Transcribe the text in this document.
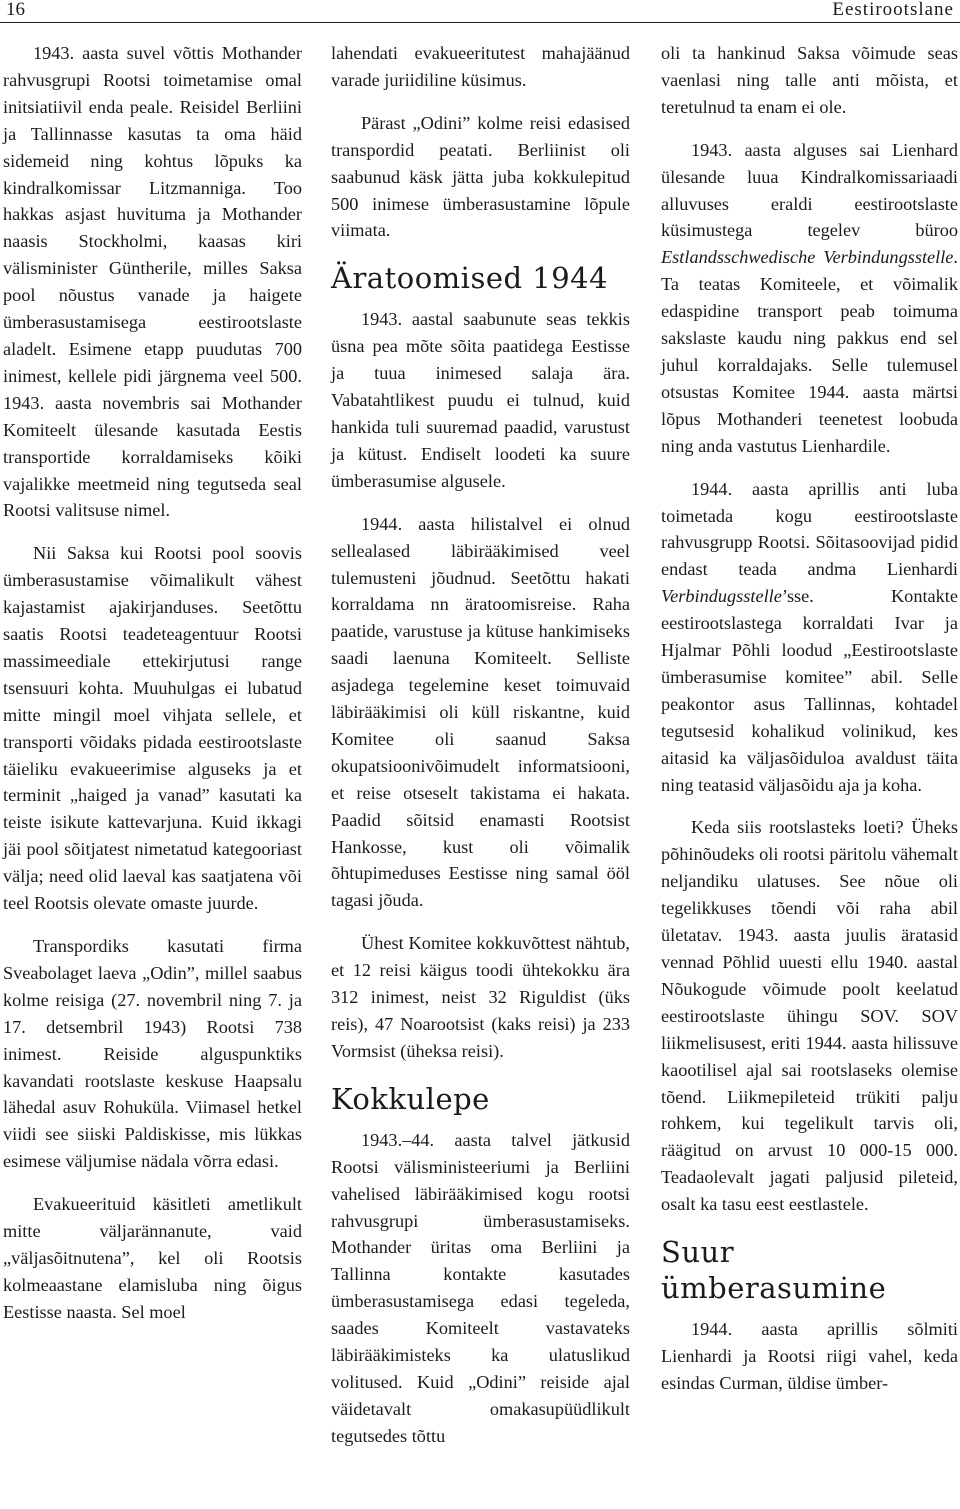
16	Eestirootslane

1943. aasta suvel võttis Mothander rahvusgrupi Rootsi toimetamise omal initsiatiivil enda peale. Reisidel Berliini ja Tallinnasse kasutas ta oma häid sidemeid ning kohtus lõpuks ka kindralkomissar Litzmanniga. Too hakkas asjast huvituma ja Mothander naasis Stockholmi, kaasas kiri välisminister Güntherile, milles Saksa pool nõustus vanade ja haigete ümberasustamisega eestirootslaste aladelt. Esimene etapp puudutas 700 inimest, kellele pidi järgnema veel 500. 1943. aasta novembris sai Mothander Komiteelt ülesande kasutada Eestis transportide korraldamiseks kõiki vajalikke meetmeid ning tegutseda seal Rootsi valitsuse nimel.

Nii Saksa kui Rootsi pool soovis ümberasustamise võimalikult vähest kajastamist ajakirjanduses. Seetõttu saatis Rootsi teadeteagentuur Rootsi massimeediale ettekirjutusi range tsensuuri kohta. Muuhulgas ei lubatud mitte mingil moel vihjata sellele, et transporti võidaks pidada eestirootslaste täieliku evakueerimise alguseks ja et terminit „haiged ja vanad” kasutati ka teiste isikute kattevarjuna. Kuid ikkagi jäi pool sõitjatest nimetatud kategooriast välja; need olid laeval kas saatjatena või teel Rootsis olevate omaste juurde.

Transpordiks kasutati firma Sveabolaget laeva „Odin”, millel saabus kolme reisiga (27. novembril ning 7. ja 17. detsembril 1943) Rootsi 738 inimest. Reiside alguspunktiks kavandati rootslaste keskuse Haapsalu lähedal asuv Rohuküla. Viimasel hetkel viidi see siiski Paldiskisse, mis lükkas esimese väljumise nädala võrra edasi.

Evakueerituid käsitleti ametlikult mitte väljarännanute, vaid „väljasõitnutena”, kel oli Rootsis kolmeaastane elamisluba ning õigus Eestisse naasta. Sel moel

lahendati evakueeritutest mahajäänud varade juriidiline küsimus.

Pärast „Odini” kolme reisi edasised transpordid peatati. Berliinist oli saabunud käsk jätta juba kokkulepitud 500 inimese ümberasustamine lõpule viimata.

Äratoomised 1944

1943. aastal saabunute seas tekkis üsna pea mõte sõita paatidega Eestisse ja tuua inimesed salaja ära. Vabatahtlikest puudu ei tulnud, kuid hankida tuli suuremad paadid, varustust ja kütust. Endiselt loodeti ka suure ümberasumise algusele.

1944. aasta hilistalvel ei olnud sellealased läbirääkimised veel tulemusteni jõudnud. Seetõttu hakati korraldama nn äratoomisreise. Raha paatide, varustuse ja kütuse hankimiseks saadi laenuna Komiteelt. Selliste asjadega tegelemine keset toimuvaid läbirääkimisi oli küll riskantne, kuid Komitee oli saanud Saksa okupatsioonivõimudelt informatsiooni, et reise otseselt takistama ei hakata. Paadid sõitsid enamasti Rootsist Hankosse, kust oli võimalik õhtupimeduses Eestisse ning samal ööl tagasi jõuda.

Ühest Komitee kokkuvõttest nähtub, et 12 reisi käigus toodi ühtekokku ära 312 inimest, neist 32 Riguldist (üks reis), 47 Noarootsist (kaks reisi) ja 233 Vormsist (üheksa reisi).

Kokkulepe

1943.–44. aasta talvel jätkusid Rootsi välisministeeriumi ja Berliini vahelised läbirääkimised kogu rootsi rahvusgrupi ümberasustamiseks. Mothander üritas oma Berliini ja Tallinna kontakte kasutades ümberasustamisega edasi tegeleda, saades Komiteelt vastavateks läbirääkimisteks ka ulatuslikud volitused. Kuid „Odini” reiside ajal väidetavalt omakasupüüdlikult tegutsedes tõttu

oli ta hankinud Saksa võimude seas vaenlasi ning talle anti mõista, et teretulnud ta enam ei ole.

1943. aasta alguses sai Lienhard ülesande luua Kindralkomissariaadi alluvuses eraldi eestirootslaste küsimustega tegelev büroo Estlandsschwedische Verbindungsstelle. Ta teatas Komiteele, et võimalik edaspidine transport peab toimuma sakslaste kaudu ning pakkus end sel juhul korraldajaks. Selle tulemusel otsustas Komitee 1944. aasta märtsi lõpus Mothanderi teenetest loobuda ning anda vastutus Lienhardile.

1944. aasta aprillis anti luba toimetada kogu eestirootslaste rahvusgrupp Rootsi. Sõitasoovijad pidid endast teada andma Lienhardi Verbindugsstelle’sse. Kontakte eestirootslastega korraldati Ivar ja Hjalmar Põhli loodud „Eestirootslaste ümberasumise komitee” abil. Selle peakontor asus Tallinnas, kohtadel tegutsesid kohalikud volinikud, kes aitasid ka väljasõiduloa avaldust täita ning teatasid väljasõidu aja ja koha.

Keda siis rootslasteks loeti? Üheks põhinõudeks oli rootsi päritolu vähemalt neljandiku ulatuses. See nõue oli tegelikkuses tõendi või raha abil ületatav. 1943. aasta juulis äratasid vennad Põhlid uuesti ellu 1940. aastal Nõukogude võimude poolt keelatud eestirootslaste ühingu SOV. SOV liikmelisusest, eriti 1944. aasta hilissuve kaootilisel ajal sai rootslaseks olemise tõend. Liikmepileteid trükiti palju rohkem, kui tegelikult tarvis oli, räägitud on arvust 10 000-15 000. Teadaolevalt jagati paljusid pileteid, osalt ka tasu eest eestlastele.

Suur ümberasumine

1944. aasta aprillis sõlmiti Lienhardi ja Rootsi riigi vahel, keda esindas Curman, üldise ümber-
